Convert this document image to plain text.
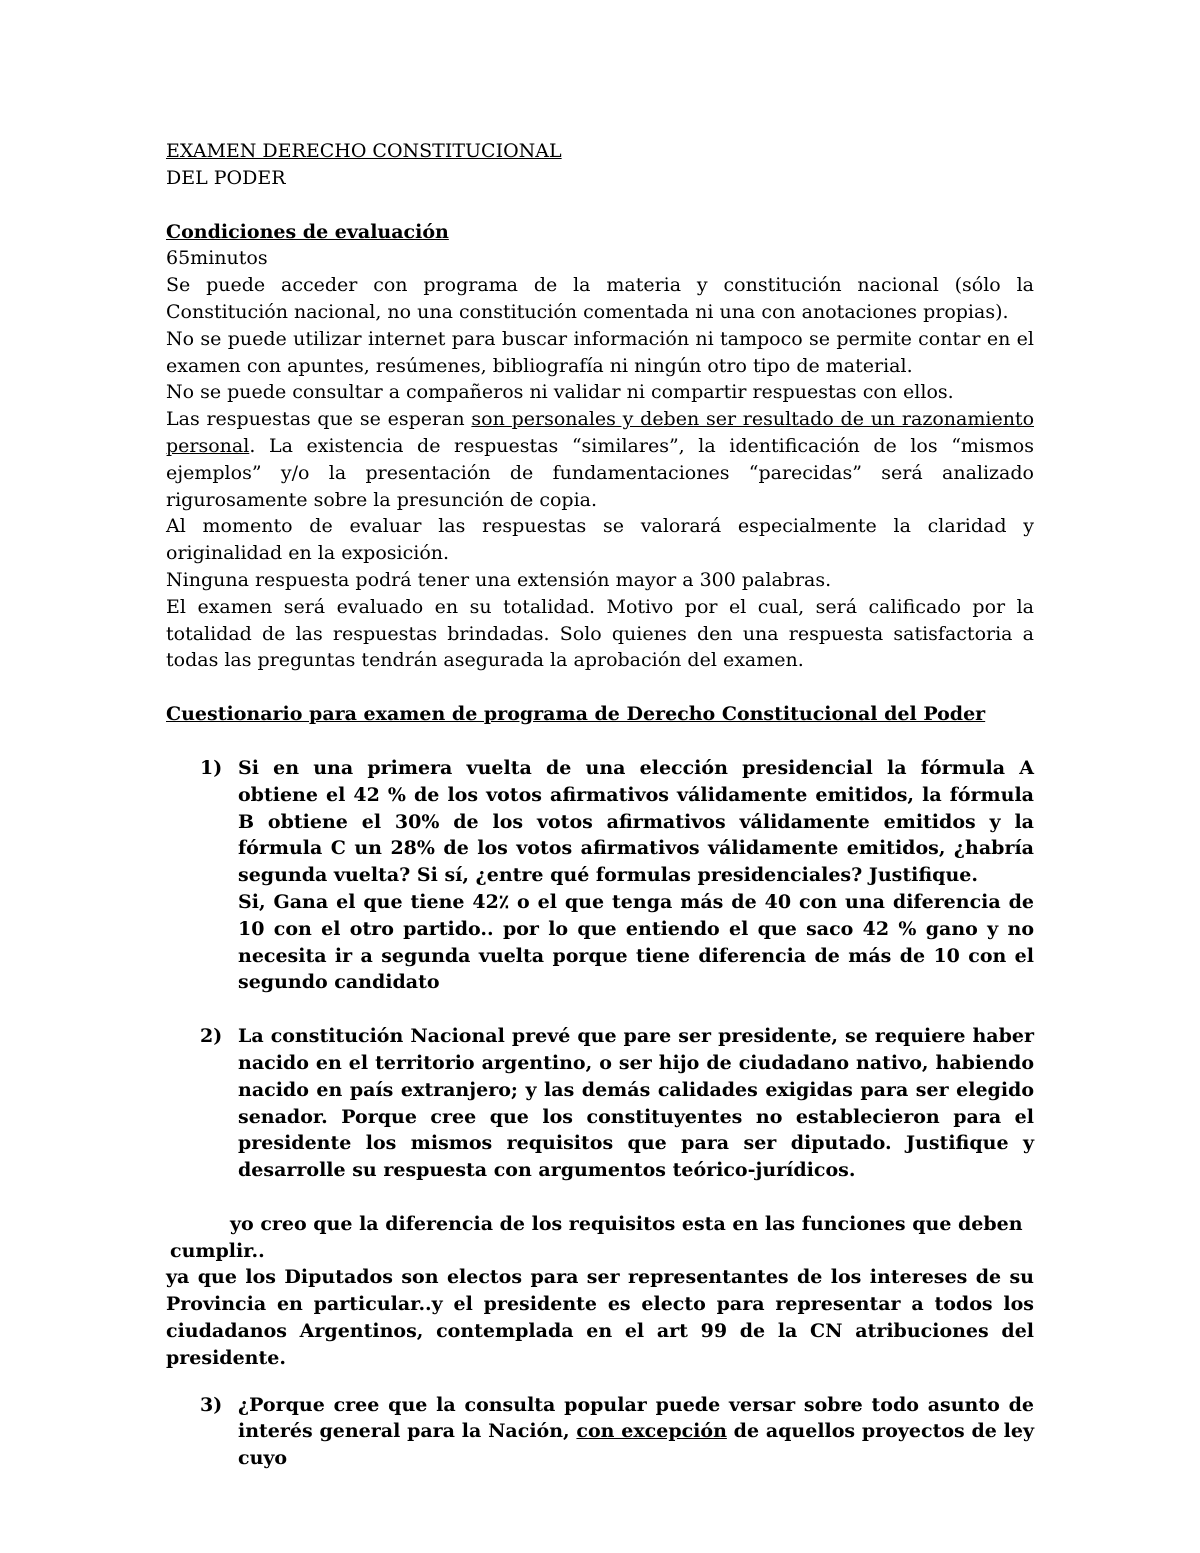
EXAMEN DERECHO CONSTITUCIONAL
DEL PODER
Condiciones de evaluación

65minutos

Se puede acceder con programa de la materia y constitución nacional (sólo la Constitución nacional, no una constitución comentada ni una con anotaciones propias).

No se puede utilizar internet para buscar información ni tampoco se permite contar en el examen con apuntes, resúmenes, bibliografía ni ningún otro tipo de material.

No se puede consultar a compañeros ni validar ni compartir respuestas con ellos.

Las respuestas que se esperan son personales y deben ser resultado de un razonamiento personal. La existencia de respuestas “similares”, la identificación de los “mismos ejemplos” y/o la presentación de fundamentaciones “parecidas” será analizado rigurosamente sobre la presunción de copia.

Al momento de evaluar las respuestas se valorará especialmente la claridad y originalidad en la exposición.

Ninguna respuesta podrá tener una extensión mayor a 300 palabras.

El examen será evaluado en su totalidad. Motivo por el cual, será calificado por la totalidad de las respuestas brindadas. Solo quienes den una respuesta satisfactoria a todas las preguntas tendrán asegurada la aprobación del examen.

Cuestionario para examen de programa de Derecho Constitucional del Poder
1) Si en una primera vuelta de una elección presidencial la fórmula A obtiene el 42 % de los votos afirmativos válidamente emitidos, la fórmula B obtiene el 30% de los votos afirmativos válidamente emitidos y la fórmula C un 28% de los votos afirmativos válidamente emitidos, ¿habría segunda vuelta? Si sí, ¿entre qué formulas presidenciales? Justifique.

Si, Gana el que tiene 42٪ o el que tenga más de 40 con una diferencia de 10 con el otro partido.. por lo que entiendo el que saco 42 % gano y no necesita ir a segunda vuelta porque tiene diferencia de más de 10 con el segundo candidato

2) La constitución Nacional prevé que pare ser presidente, se requiere haber nacido en el territorio argentino, o ser hijo de ciudadano nativo, habiendo nacido en país extranjero; y las demás calidades exigidas para ser elegido senador. Porque cree que los constituyentes no establecieron para el presidente los mismos requisitos que para ser diputado. Justifique y desarrolle su respuesta con argumentos teórico-jurídicos.

yo creo que la diferencia de los requisitos esta en las funciones que deben

cumplir..

ya que los Diputados son electos para ser representantes de los intereses de su Provincia en particular..y el presidente es electo para representar a todos los ciudadanos Argentinos, contemplada en el art 99 de la CN atribuciones del presidente.

3) ¿Porque cree que la consulta popular puede versar sobre todo asunto de interés general para la Nación, con excepción de aquellos proyectos de ley cuyo
